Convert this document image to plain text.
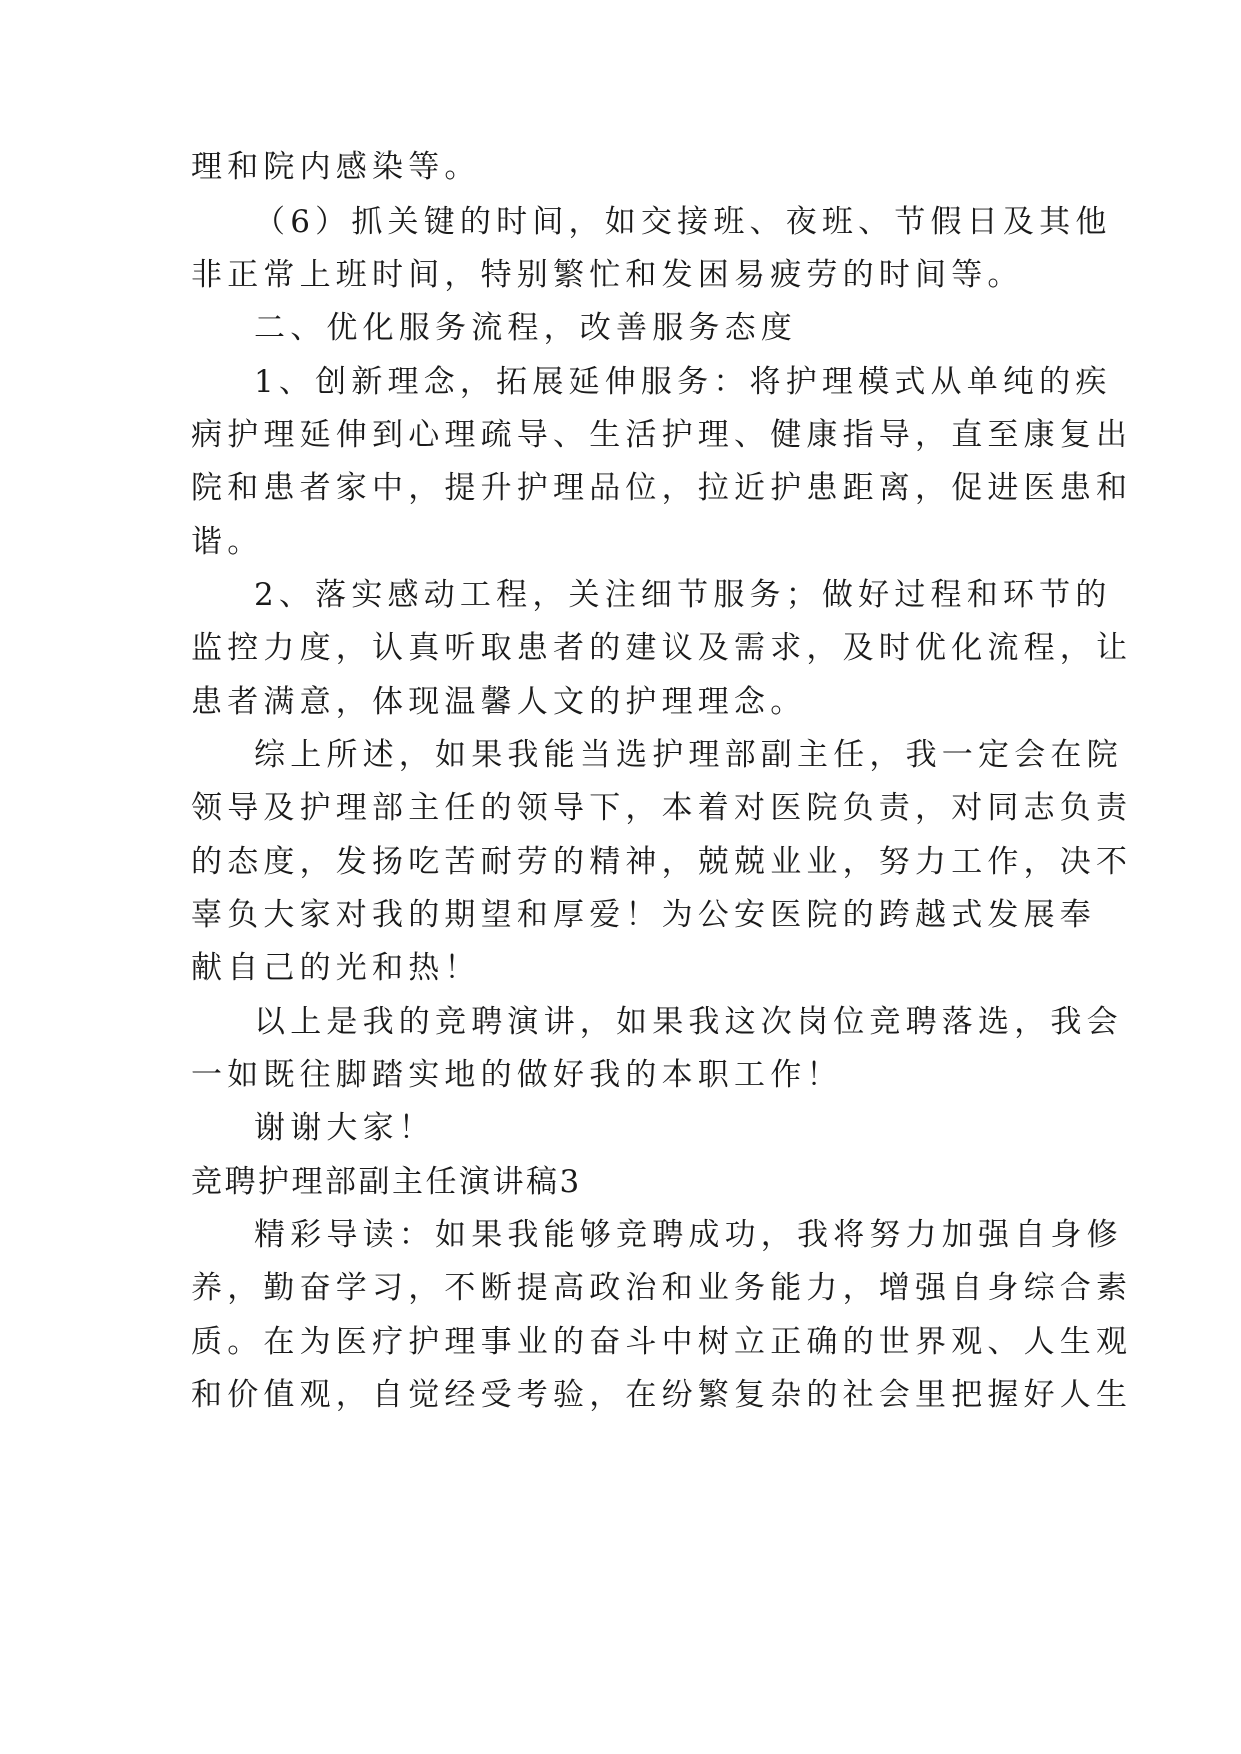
理和院内感染等。
（6）抓关键的时间，如交接班、夜班、节假日及其他
非正常上班时间，特别繁忙和发困易疲劳的时间等。
二、优化服务流程，改善服务态度
1、创新理念，拓展延伸服务：将护理模式从单纯的疾
病护理延伸到心理疏导、生活护理、健康指导，直至康复出
院和患者家中，提升护理品位，拉近护患距离，促进医患和
谐。
2、落实感动工程，关注细节服务；做好过程和环节的
监控力度，认真听取患者的建议及需求，及时优化流程，让
患者满意，体现温馨人文的护理理念。
综上所述，如果我能当选护理部副主任，我一定会在院
领导及护理部主任的领导下，本着对医院负责，对同志负责
的态度，发扬吃苦耐劳的精神，兢兢业业，努力工作，决不
辜负大家对我的期望和厚爱！为公安医院的跨越式发展奉
献自己的光和热！
以上是我的竞聘演讲，如果我这次岗位竞聘落选，我会
一如既往脚踏实地的做好我的本职工作！
谢谢大家！
竞聘护理部副主任演讲稿3
精彩导读：如果我能够竞聘成功，我将努力加强自身修
养，勤奋学习，不断提高政治和业务能力，增强自身综合素
质。在为医疗护理事业的奋斗中树立正确的世界观、人生观
和价值观，自觉经受考验，在纷繁复杂的社会里把握好人生
